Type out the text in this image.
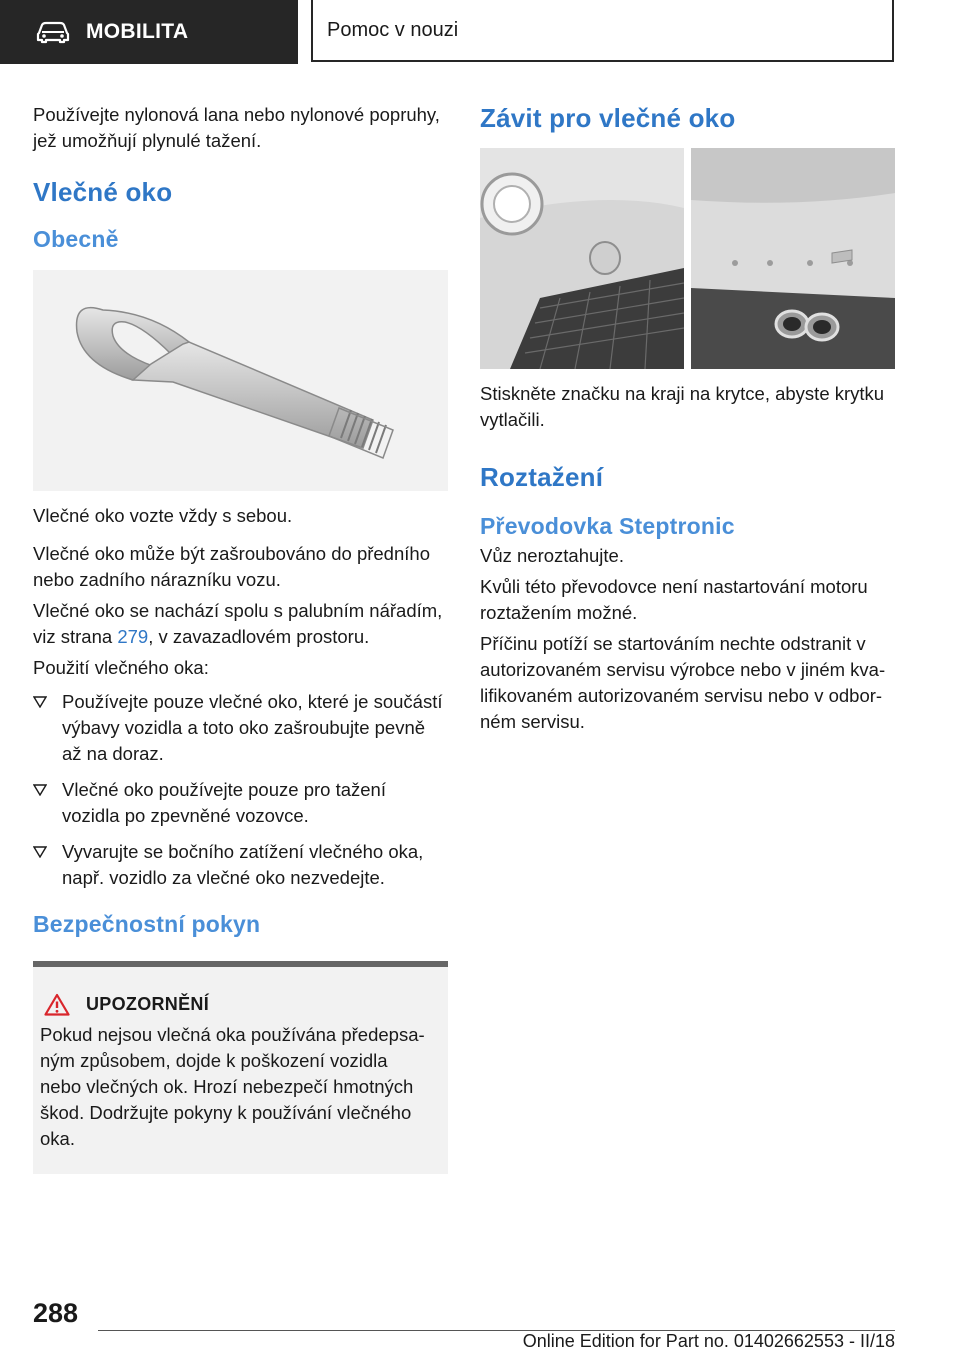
MOBILITA	Pomoc v nouzi

Používejte nylonová lana nebo nylonové popruhy, jež umožňují plynulé tažení.

Vlečné oko
Obecně

Vlečné oko vozte vždy s sebou.

Vlečné oko může být zašroubováno do předního nebo zadního nárazníku vozu.

Vlečné oko se nachází spolu s palubním nářadím, viz strana 279, v zavazadlovém prostoru.

Použití vlečného oka:

Používejte pouze vlečné oko, které je součástí výbavy vozidla a toto oko zašroubujte pevně až na doraz.
Vlečné oko používejte pouze pro tažení vozidla po zpevněné vozovce.
Vyvarujte se bočního zatížení vlečného oka, např. vozidlo za vlečné oko nezvedejte.
Bezpečnostní pokyn
UPOZORNĚNÍ

Pokud nejsou vlečná oka používána předepsaným způsobem, dojde k poškození vozidla nebo vlečných ok. Hrozí nebezpečí hmotných škod. Dodržujte pokyny k používání vlečného oka.

Závit pro vlečné oko

Stiskněte značku na kraji na krytce, abyste krytku vytlačili.

Roztažení
Převodovka Steptronic

Vůz neroztahujte.

Kvůli této převodovce není nastartování motoru roztažením možné.

Příčinu potíží se startováním nechte odstranit v autorizovaném servisu výrobce nebo v jiném kvalifikovaném autorizovaném servisu nebo v odborném servisu.

288
Online Edition for Part no. 01402662553 - II/18
